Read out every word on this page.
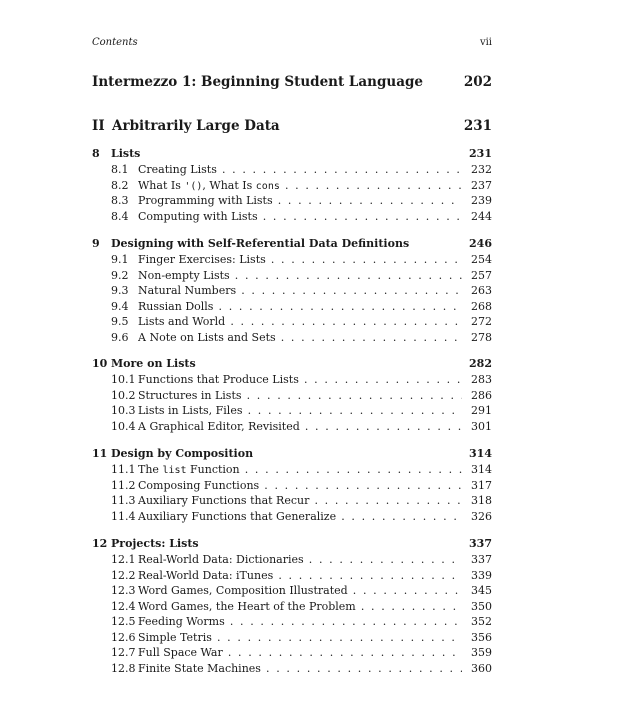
Contents	vii
Intermezzo 1: Beginning Student Language	202
II Arbitrarily Large Data	231
8 Lists	231
8.1 Creating Lists . . .	232
8.2 What Is '(), What Is cons . . .	237
8.3 Programming with Lists . . .	239
8.4 Computing with Lists . . .	244
9 Designing with Self-Referential Data Definitions	246
9.1 Finger Exercises: Lists . . .	254
9.2 Non-empty Lists . . .	257
9.3 Natural Numbers . . .	263
9.4 Russian Dolls . . .	268
9.5 Lists and World . . .	272
9.6 A Note on Lists and Sets . . .	278
10 More on Lists	282
10.1 Functions that Produce Lists . . .	283
10.2 Structures in Lists . . .	286
10.3 Lists in Lists, Files . . .	291
10.4 A Graphical Editor, Revisited . . .	301
11 Design by Composition	314
11.1 The list Function . . .	314
11.2 Composing Functions . . .	317
11.3 Auxiliary Functions that Recur . . .	318
11.4 Auxiliary Functions that Generalize . . .	326
12 Projects: Lists	337
12.1 Real-World Data: Dictionaries . . .	337
12.2 Real-World Data: iTunes . . .	339
12.3 Word Games, Composition Illustrated . . .	345
12.4 Word Games, the Heart of the Problem . . .	350
12.5 Feeding Worms . . .	352
12.6 Simple Tetris . . .	356
12.7 Full Space War . . .	359
12.8 Finite State Machines . . .	360
